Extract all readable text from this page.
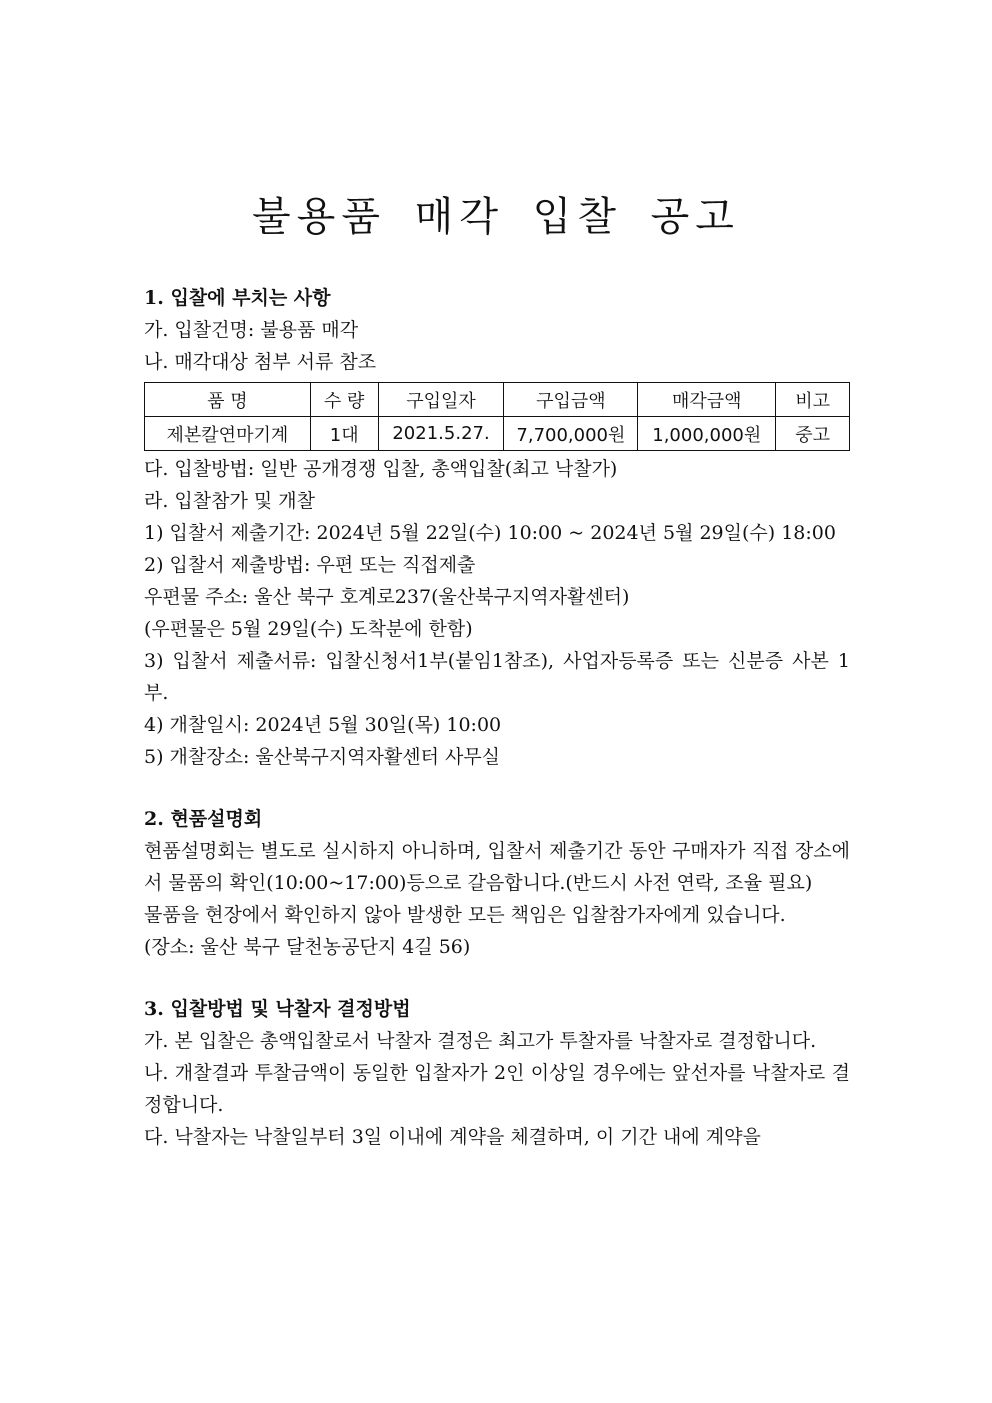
불용품 매각 입찰 공고

1. 입찰에 부치는 사항

가. 입찰건명: 불용품 매각

나. 매각대상 첨부 서류 참조

품 명	수 량	구입일자	구입금액	매각금액	비고
제본칼연마기계	1대	2021.5.27.	7,700,000원	1,000,000원	중고

다. 입찰방법: 일반 공개경쟁 입찰, 총액입찰(최고 낙찰가)

라. 입찰참가 및 개찰

1) 입찰서 제출기간: 2024년 5월 22일(수) 10:00 ~ 2024년 5월 29일(수) 18:00

2) 입찰서 제출방법: 우편 또는 직접제출

우편물 주소: 울산 북구 호계로237(울산북구지역자활센터)

(우편물은 5월 29일(수) 도착분에 한함)

3) 입찰서 제출서류: 입찰신청서1부(붙임1참조), 사업자등록증 또는 신분증 사본 1부.

4) 개찰일시: 2024년 5월 30일(목) 10:00

5) 개찰장소: 울산북구지역자활센터 사무실

2. 현품설명회

현품설명회는 별도로 실시하지 아니하며, 입찰서 제출기간 동안 구매자가 직접 장소에서 물품의 확인(10:00~17:00)등으로 갈음합니다.(반드시 사전 연락, 조율 필요)

물품을 현장에서 확인하지 않아 발생한 모든 책임은 입찰참가자에게 있습니다.

(장소: 울산 북구 달천농공단지 4길 56)

3. 입찰방법 및 낙찰자 결정방법

가. 본 입찰은 총액입찰로서 낙찰자 결정은 최고가 투찰자를 낙찰자로 결정합니다.

나. 개찰결과 투찰금액이 동일한 입찰자가 2인 이상일 경우에는 앞선자를 낙찰자로 결정합니다.

다. 낙찰자는 낙찰일부터 3일 이내에 계약을 체결하며, 이 기간 내에 계약을
